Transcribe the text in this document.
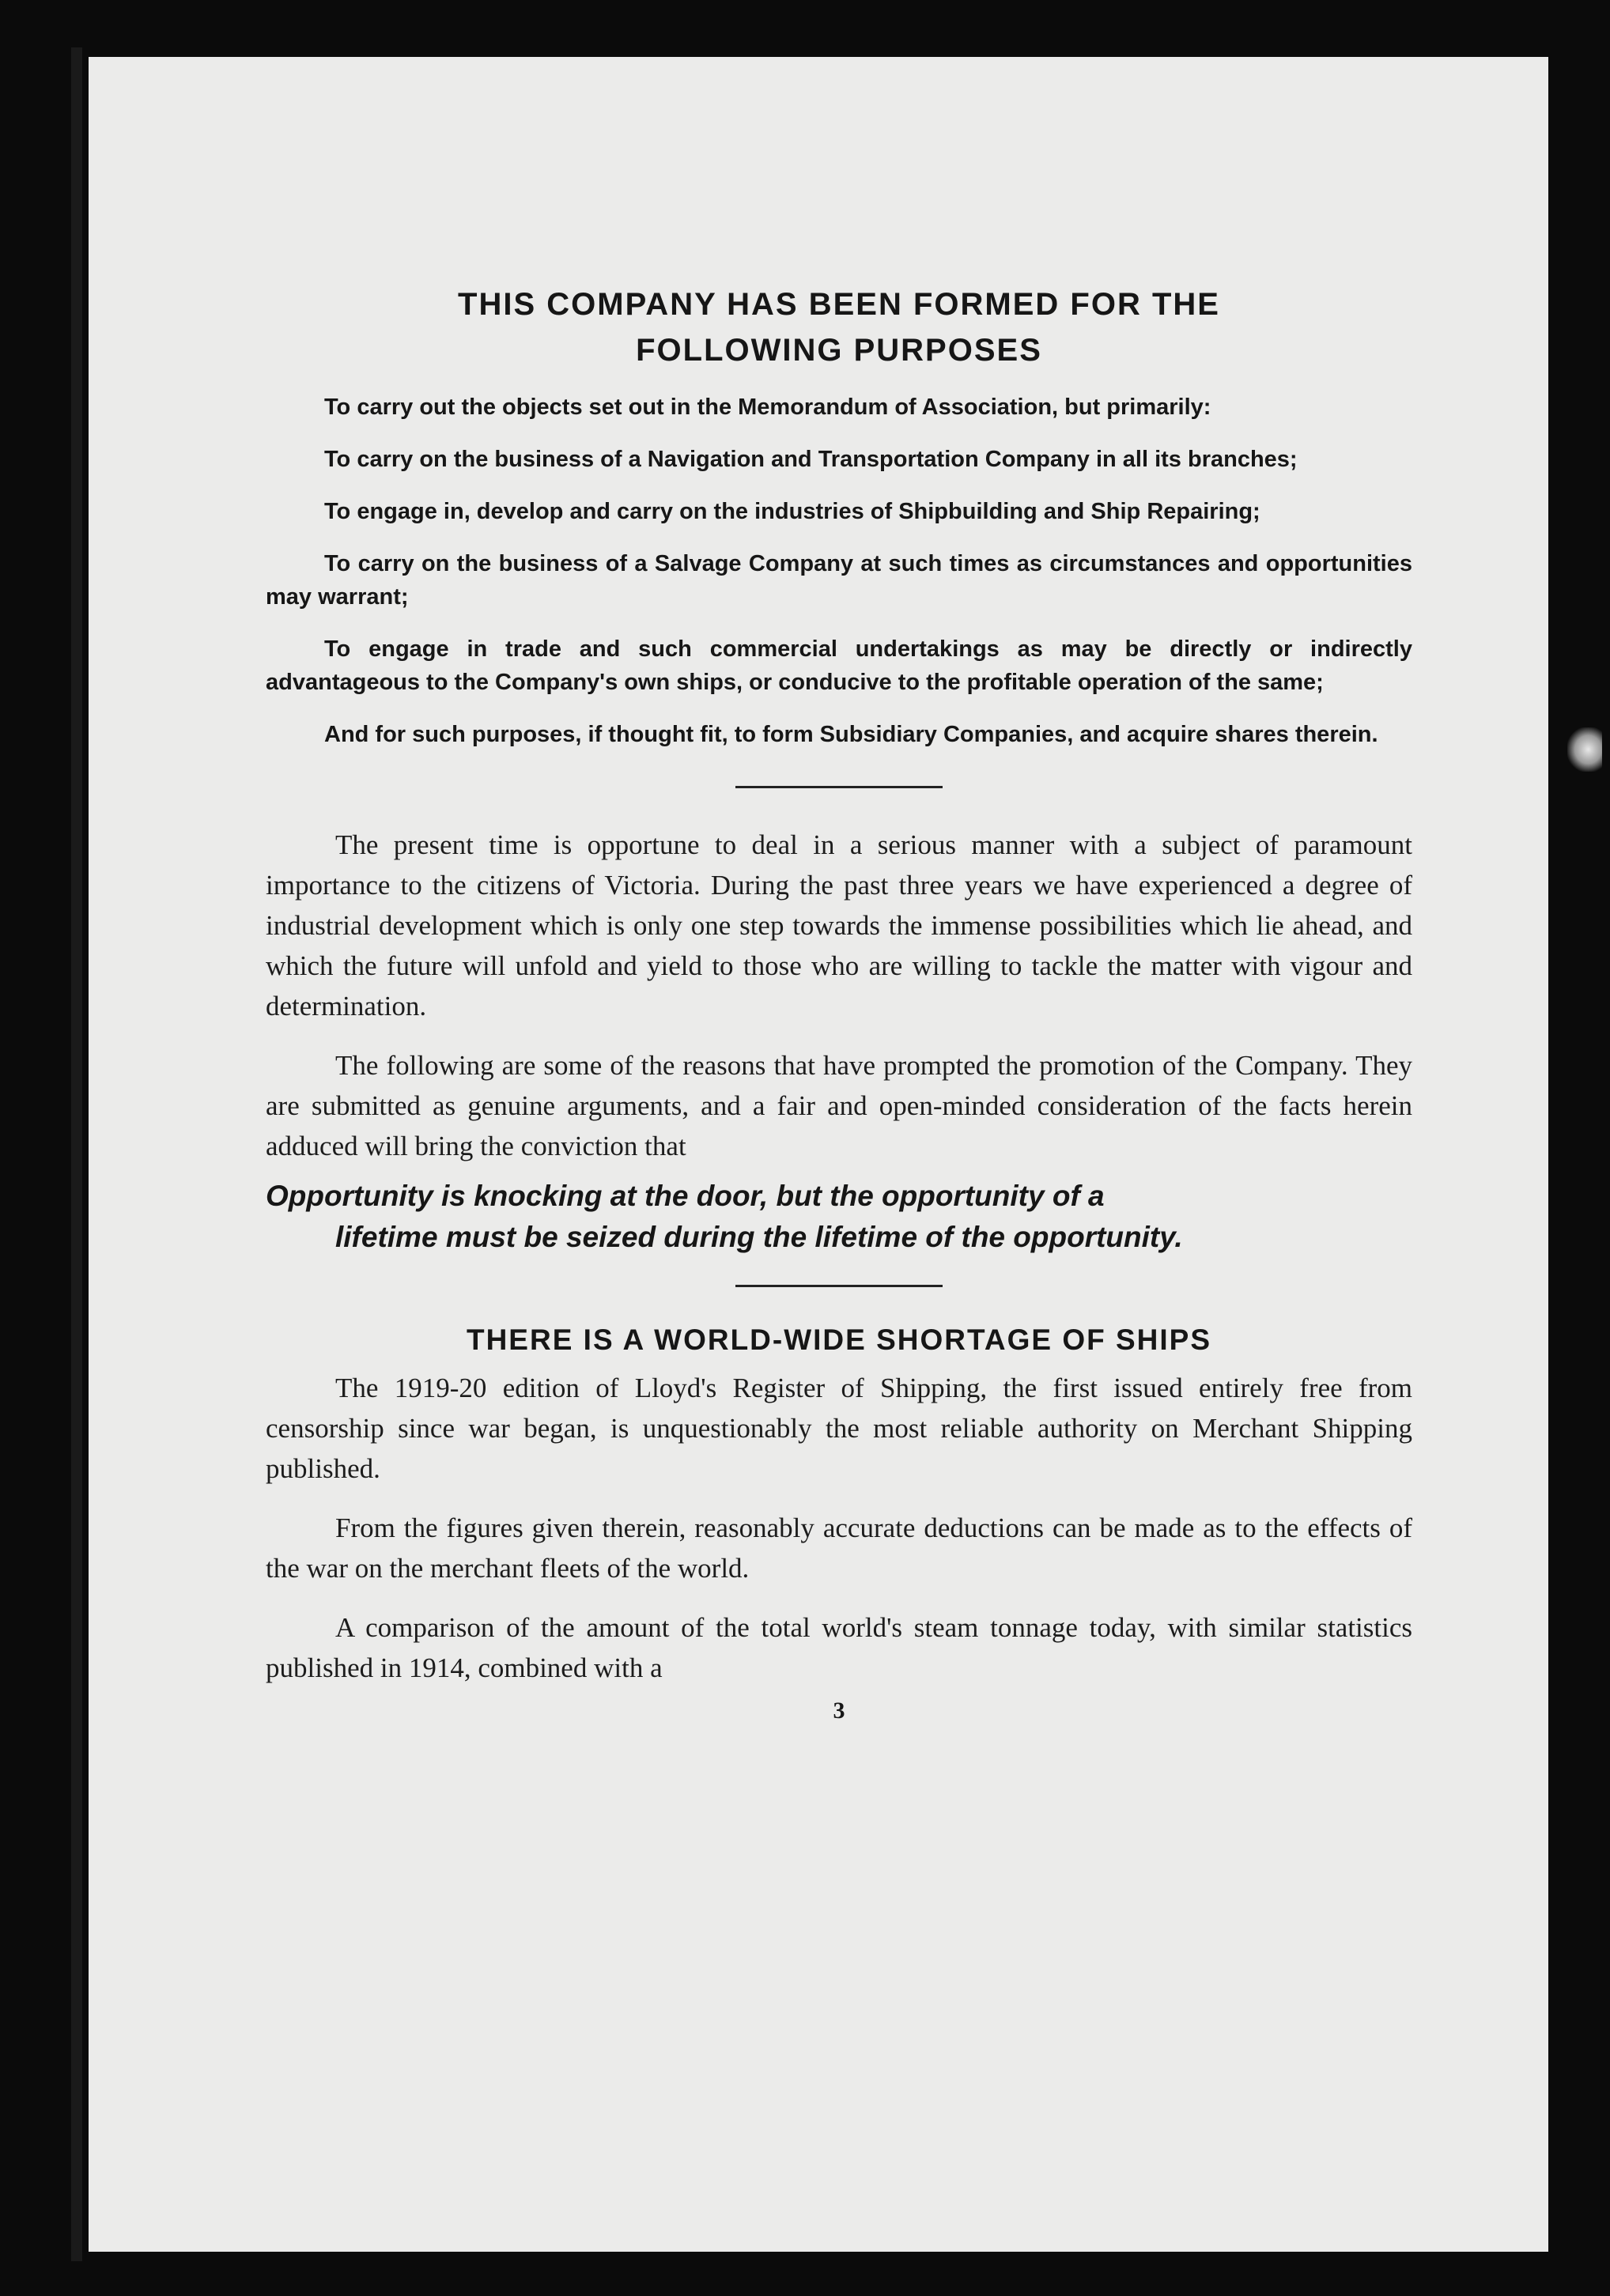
THIS COMPANY HAS BEEN FORMED FOR THE
FOLLOWING PURPOSES

To carry out the objects set out in the Memorandum of Association, but primarily:

To carry on the business of a Navigation and Transportation Company in all its branches;

To engage in, develop and carry on the industries of Shipbuilding and Ship Repairing;

To carry on the business of a Salvage Company at such times as circumstances and opportunities may warrant;

To engage in trade and such commercial undertakings as may be directly or indirectly advantageous to the Company's own ships, or conducive to the profitable operation of the same;

And for such purposes, if thought fit, to form Subsidiary Companies, and acquire shares therein.

The present time is opportune to deal in a serious manner with a subject of paramount importance to the citizens of Victoria. During the past three years we have experienced a degree of industrial development which is only one step towards the immense possibilities which lie ahead, and which the future will unfold and yield to those who are willing to tackle the matter with vigour and determination.

The following are some of the reasons that have prompted the promotion of the Company. They are submitted as genuine arguments, and a fair and open-minded consideration of the facts herein adduced will bring the conviction that

Opportunity is knocking at the door, but the opportunity of a
lifetime must be seized during the lifetime of the opportunity.
THERE IS A WORLD-WIDE SHORTAGE OF SHIPS

The 1919-20 edition of Lloyd's Register of Shipping, the first issued entirely free from censorship since war began, is unquestionably the most reliable authority on Merchant Shipping published.

From the figures given therein, reasonably accurate deductions can be made as to the effects of the war on the merchant fleets of the world.

A comparison of the amount of the total world's steam tonnage today, with similar statistics published in 1914, combined with a

3
